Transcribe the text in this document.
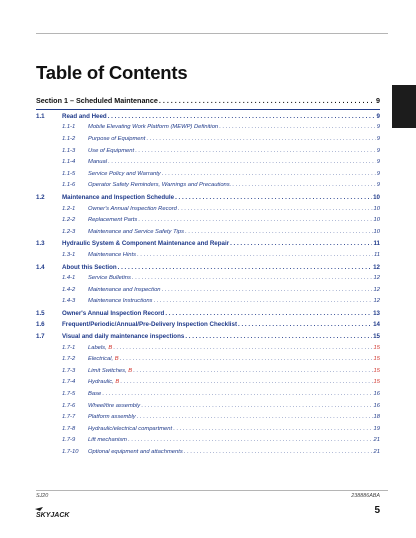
Table of Contents
Section 1 – Scheduled Maintenance . . .	9
1.1	Read and Heed . . .	9
1.1-1	Mobile Elevating Work Platform (MEWP) Definition . . .	9
1.1-2	Purpose of Equipment . . .	9
1.1-3	Use of Equipment . . .	9
1.1-4	Manual . . .	9
1.1-5	Service Policy and Warranty . . .	9
1.1-6	Operator Safety Reminders, Warnings and Precautions. . . .	9
1.2	Maintenance and Inspection Schedule . . .	10
1.2-1	Owner's Annual Inspection Record . . .	10
1.2-2	Replacement Parts . . .	10
1.2-3	Maintenance and Service Safety Tips . . .	10
1.3	Hydraulic System & Component Maintenance and Repair . . .	11
1.3-1	Maintenance Hints . . .	11
1.4	About this Section . . .	12
1.4-1	Service Bulletins . . .	12
1.4-2	Maintenance and Inspection . . .	12
1.4-3	Maintenance Instructions . . .	12
1.5	Owner's Annual Inspection Record . . .	13
1.6	Frequent/Periodic/Annual/Pre-Delivery Inspection Checklist . . .	14
1.7	Visual and daily maintenance inspections . . .	15
1.7-1	Labels, B . . .	15
1.7-2	Electrical, B . . .	15
1.7-3	Limit Switches, B . . .	15
1.7-4	Hydraulic, B . . .	15
1.7-5	Base . . .	16
1.7-6	Wheel/tire assembly . . .	16
1.7-7	Platform assembly . . .	18
1.7-8	Hydraulic/electrical compartment . . .	19
1.7-9	Lift mechanism . . .	21
1.7-10	Optional equipment and attachments . . .	21
SJ20	238886ABA
SKYJACK	5
